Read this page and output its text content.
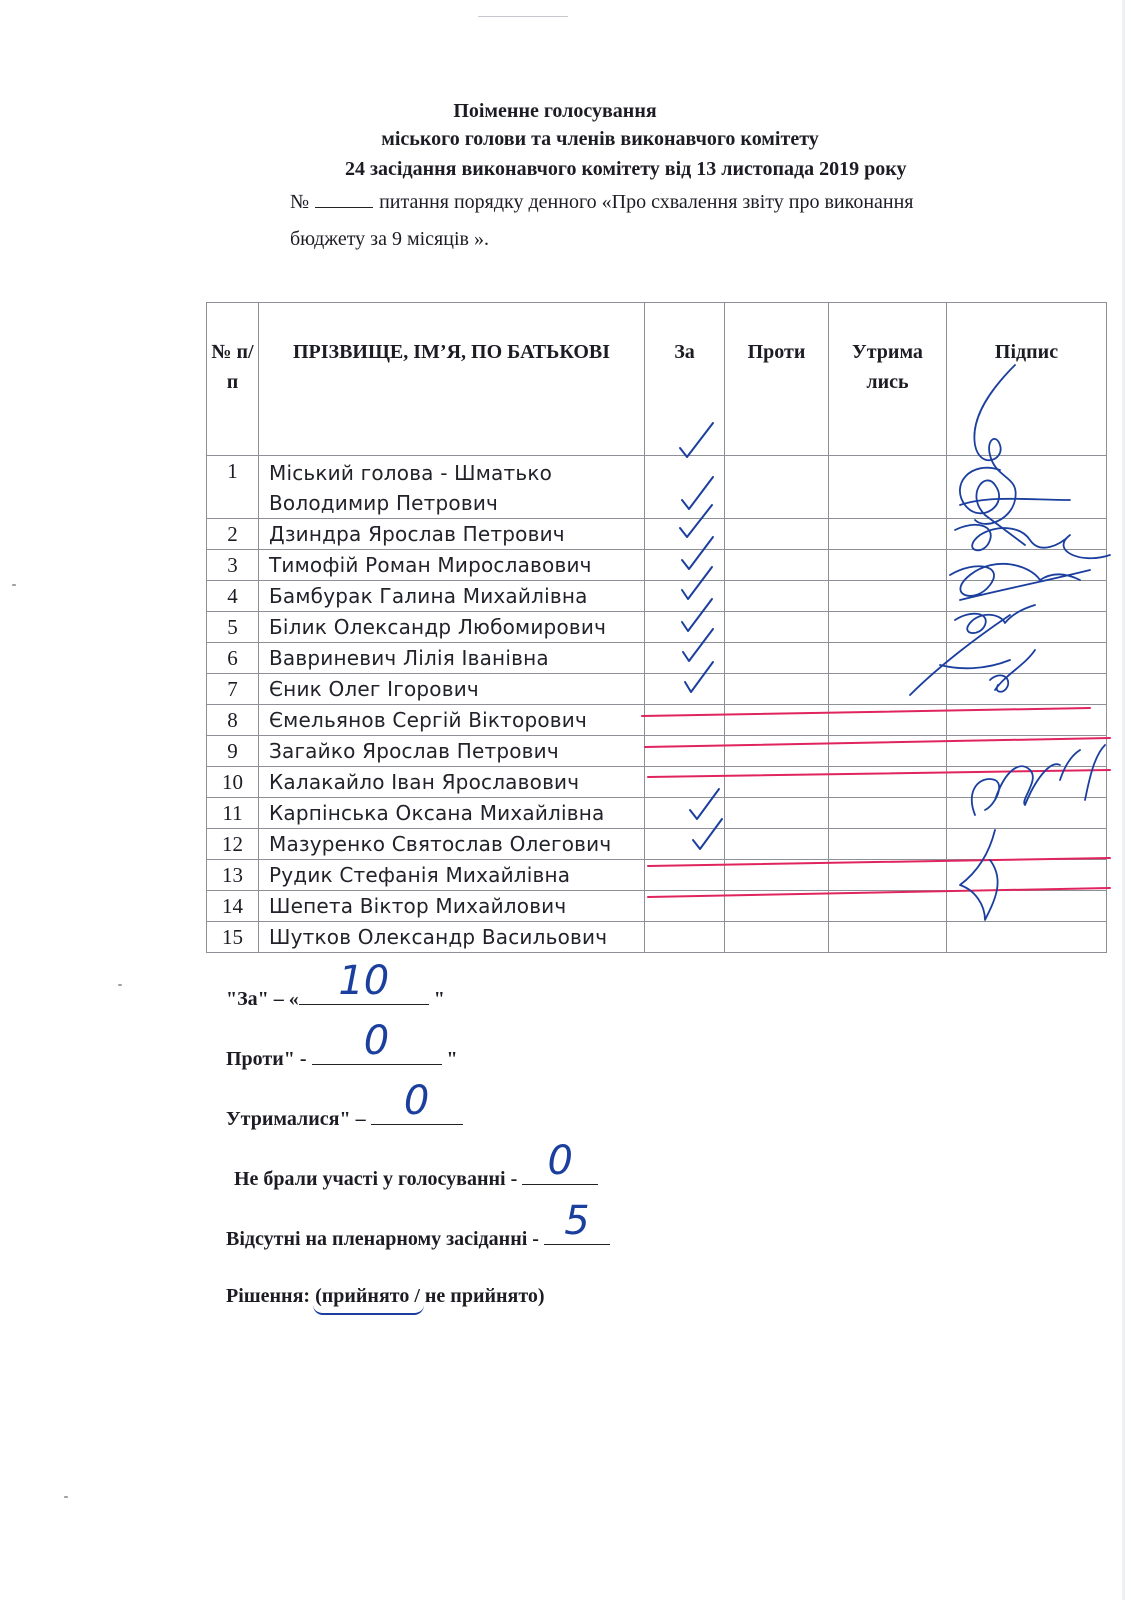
Поіменне голосування
міського голови та членів виконавчого комітету
24 засідання виконавчого комітету від 13 листопада 2019 року
№	питання порядку денного «Про схвалення звіту про виконання
бюджету за 9 місяців ».
№ п/п	ПРІЗВИЩЕ, ІМ’Я, ПО БАТЬКОВІ	За	Проти	Утрима лись	Підпис
1	Міський голова - Шматько
Володимир Петрович				

2	Дзиндра Ярослав Петрович				
3	Тимофій Роман Мирославович				
4	Бамбурак Галина Михайлівна				
5	Білик Олександр Любомирович				
6	Вавриневич Лілія Іванівна				
7	Єник Олег Ігорович				
8	Ємельянов Сергій Вікторович				
9	Загайко Ярослав Петрович				
10	Калакайло Іван Ярославович				
11	Карпінська Оксана Михайлівна				
12	Мазуренко Святослав Олегович				
13	Рудик Стефанія Михайлівна				
14	Шепета Віктор Михайлович				
15	Шутков Олександр Васильович				
"За" – « 10	"
Проти" -	0	"
Утрималися" – 0
Не брали участі у голосуванні - 0
Відсутні на пленарному засіданні - 5
Рішення: (прийнято /
не прийнято)
